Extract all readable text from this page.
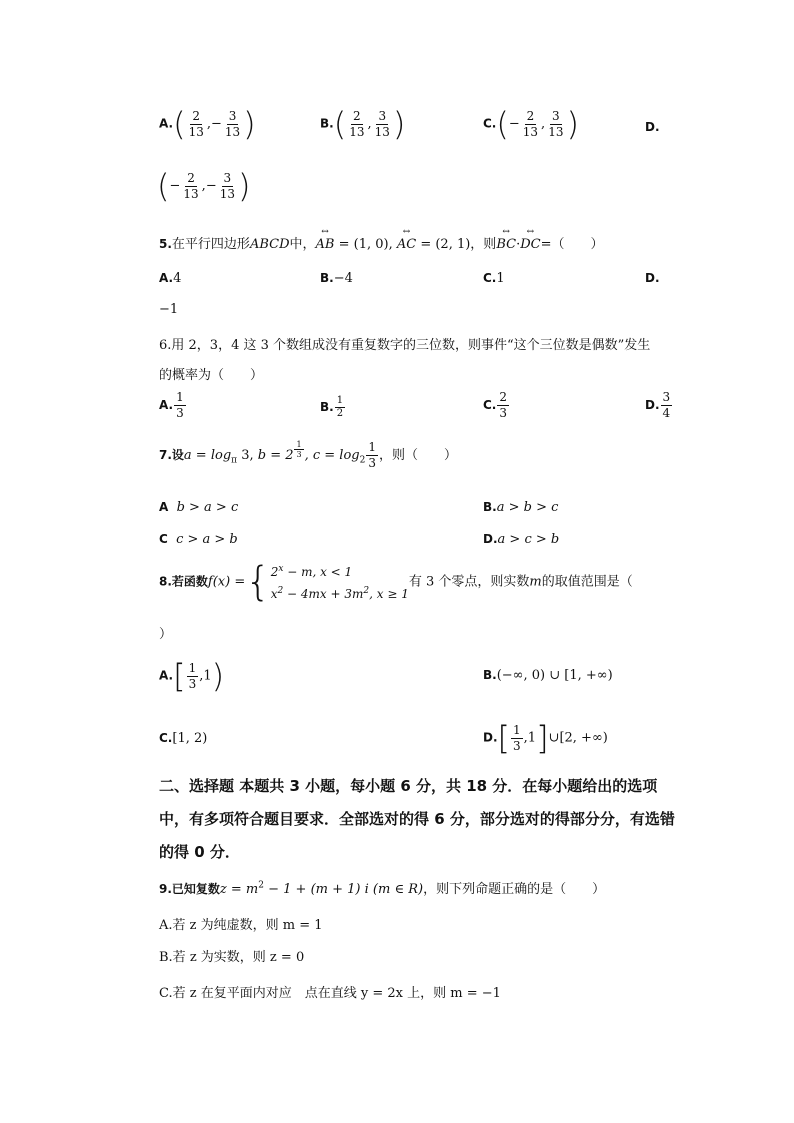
$A.( \frac{2}{13}$ ,− $\frac{3}{13}$ )	$B.( \frac{2}{13}$ , $\frac{3}{13}$ )	$C.(- \frac{2}{13}$ , $\frac{3}{13}$ )	D.
(− $\frac{2}{13}$ ,− $\frac{3}{13}$ )
5.在平行四边形ABCD中，↔ AB = (1, 0), ↔ AC = (2, 1)，则↔ BC·↔ DC=（　　）
A.4	B.−4	C.1	D.
−1
6.用 2，3，4 这 3 个数组成没有重复数字的三位数，则事件“这个三位数是偶数”发生
的概率为（　　）
A. $\frac{1}{3}$	B. $\frac{1}{2}$	C. $\frac{2}{3}$	D. $\frac{3}{4}$
7.设$a = \log_\pi 3$, $b = 2 \frac{1}{3}$ , $c = \log_2 \frac{1}{3}$ ，则（　　）
A b > a > c	B.a > b > c
C c > a > b	D.a > c > b
8.若函数f(x) ={ $2^x - m$, x < 1
$x^2 - 4mx + 3m^2$, x ≥ 1
有 3 个零点，则实数m的取值范围是（
）
$A.[ \frac{1}{3} ,1)$	B.(−∞, 0) ∪ [1, +∞)
C.[1, 2)	$D.[ \frac{1}{3}$ ,1]∪[2, +∞)
二、选择题 本题共 3 小题，每小题 6 分，共 18 分．在每小题给出的选项中，有多项符合题目要求．全部选对的得 6 分，部分选对的得部分分，有选错的得 0 分．
9.已知复数$z = m^2 - 1 + (m + 1)$ i (m ∈ R)，则下列命题正确的是（　　）
A.若 z 为纯虚数，则 m = 1
B.若 z 为实数，则 z = 0
C.若 z 在复平面内对应　点在直线 y = 2x 上，则 m = −1
